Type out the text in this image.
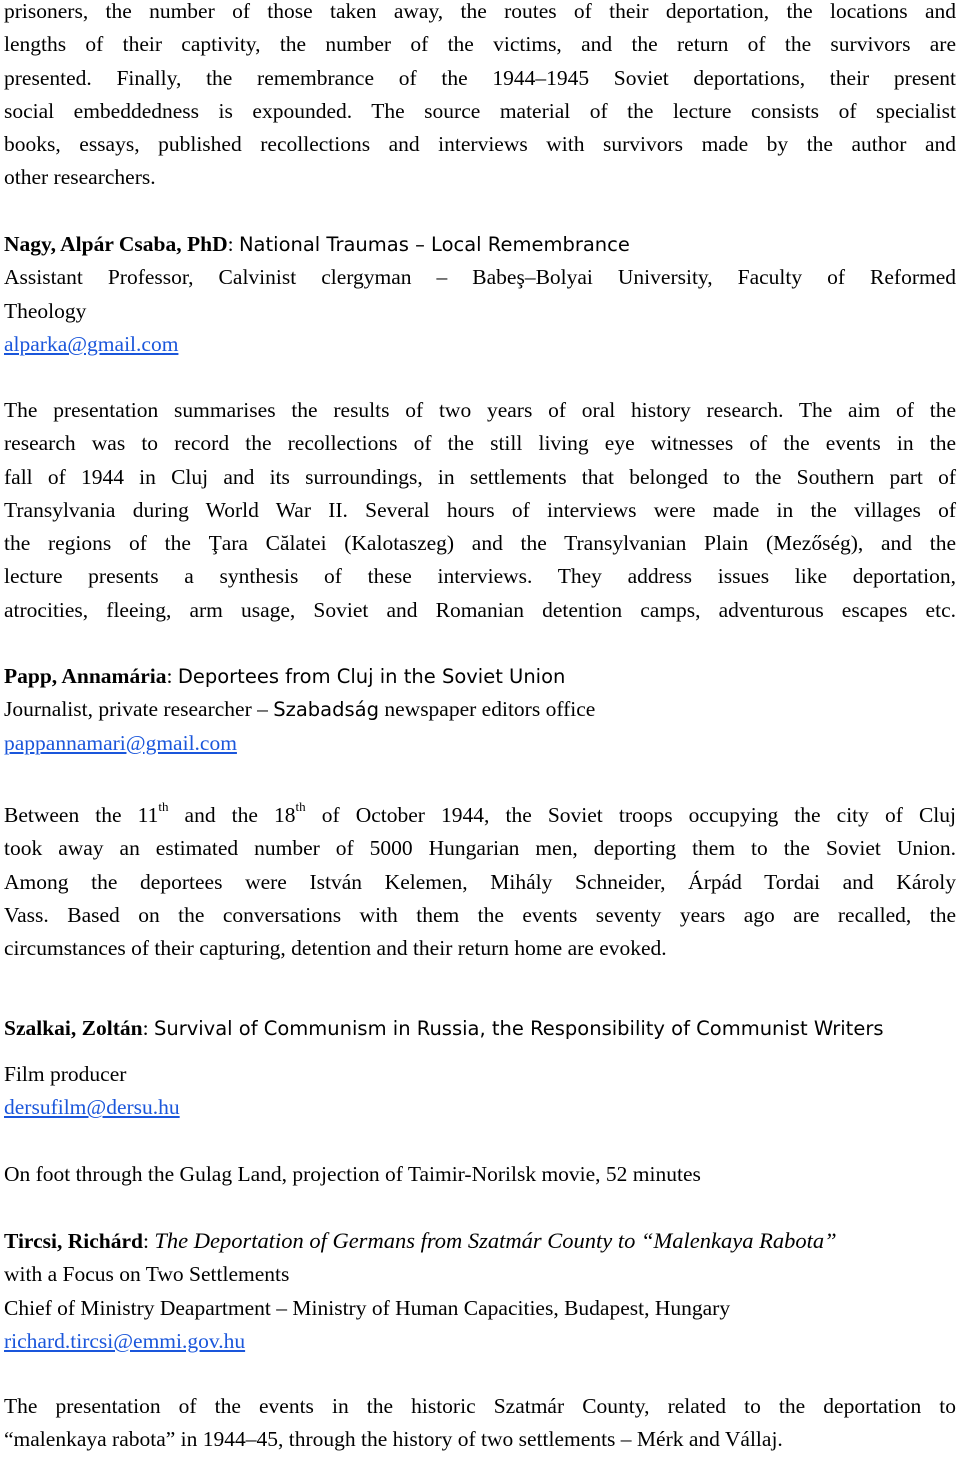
prisoners, the number of those taken away, the routes of their deportation, the locations and
lengths of their captivity, the number of the victims, and the return of the survivors are
presented. Finally, the remembrance of the 1944–1945 Soviet deportations, their present
social embeddedness is expounded. The source material of the lecture consists of specialist
books, essays, published recollections and interviews with survivors made by the author and
other researchers.
Nagy, Alpár Csaba, PhD: National Traumas – Local Remembrance
Assistant Professor, Calvinist clergyman – Babeş–Bolyai University, Faculty of Reformed
Theology
alparka@gmail.com
The presentation summarises the results of two years of oral history research. The aim of the
research was to record the recollections of the still living eye witnesses of the events in the
fall of 1944 in Cluj and its surroundings, in settlements that belonged to the Southern part of
Transylvania during World War II. Several hours of interviews were made in the villages of
the regions of the Ţara Călatei (Kalotaszeg) and the Transylvanian Plain (Mezőség), and the
lecture presents a synthesis of these interviews. They address issues like deportation,
atrocities, fleeing, arm usage, Soviet and Romanian detention camps, adventurous escapes etc.
Papp, Annamária: Deportees from Cluj in the Soviet Union
Journalist, private researcher – Szabadság newspaper editors office
pappannamari@gmail.com
Between the 11th and the 18th of October 1944, the Soviet troops occupying the city of Cluj
took away an estimated number of 5000 Hungarian men, deporting them to the Soviet Union.
Among the deportees were István Kelemen, Mihály Schneider, Árpád Tordai and Károly
Vass. Based on the conversations with them the events seventy years ago are recalled, the
circumstances of their capturing, detention and their return home are evoked.
Szalkai, Zoltán: Survival of Communism in Russia, the Responsibility of Communist Writers
Film producer
dersufilm@dersu.hu
On foot through the Gulag Land, projection of Taimir-Norilsk movie, 52 minutes
Tircsi, Richárd: The Deportation of Germans from Szatmár County to “Malenkaya Rabota”
with a Focus on Two Settlements
Chief of Ministry Deapartment – Ministry of Human Capacities, Budapest, Hungary
richard.tircsi@emmi.gov.hu
The presentation of the events in the historic Szatmár County, related to the deportation to
“malenkaya rabota” in 1944–45, through the history of two settlements – Mérk and Vállaj.
